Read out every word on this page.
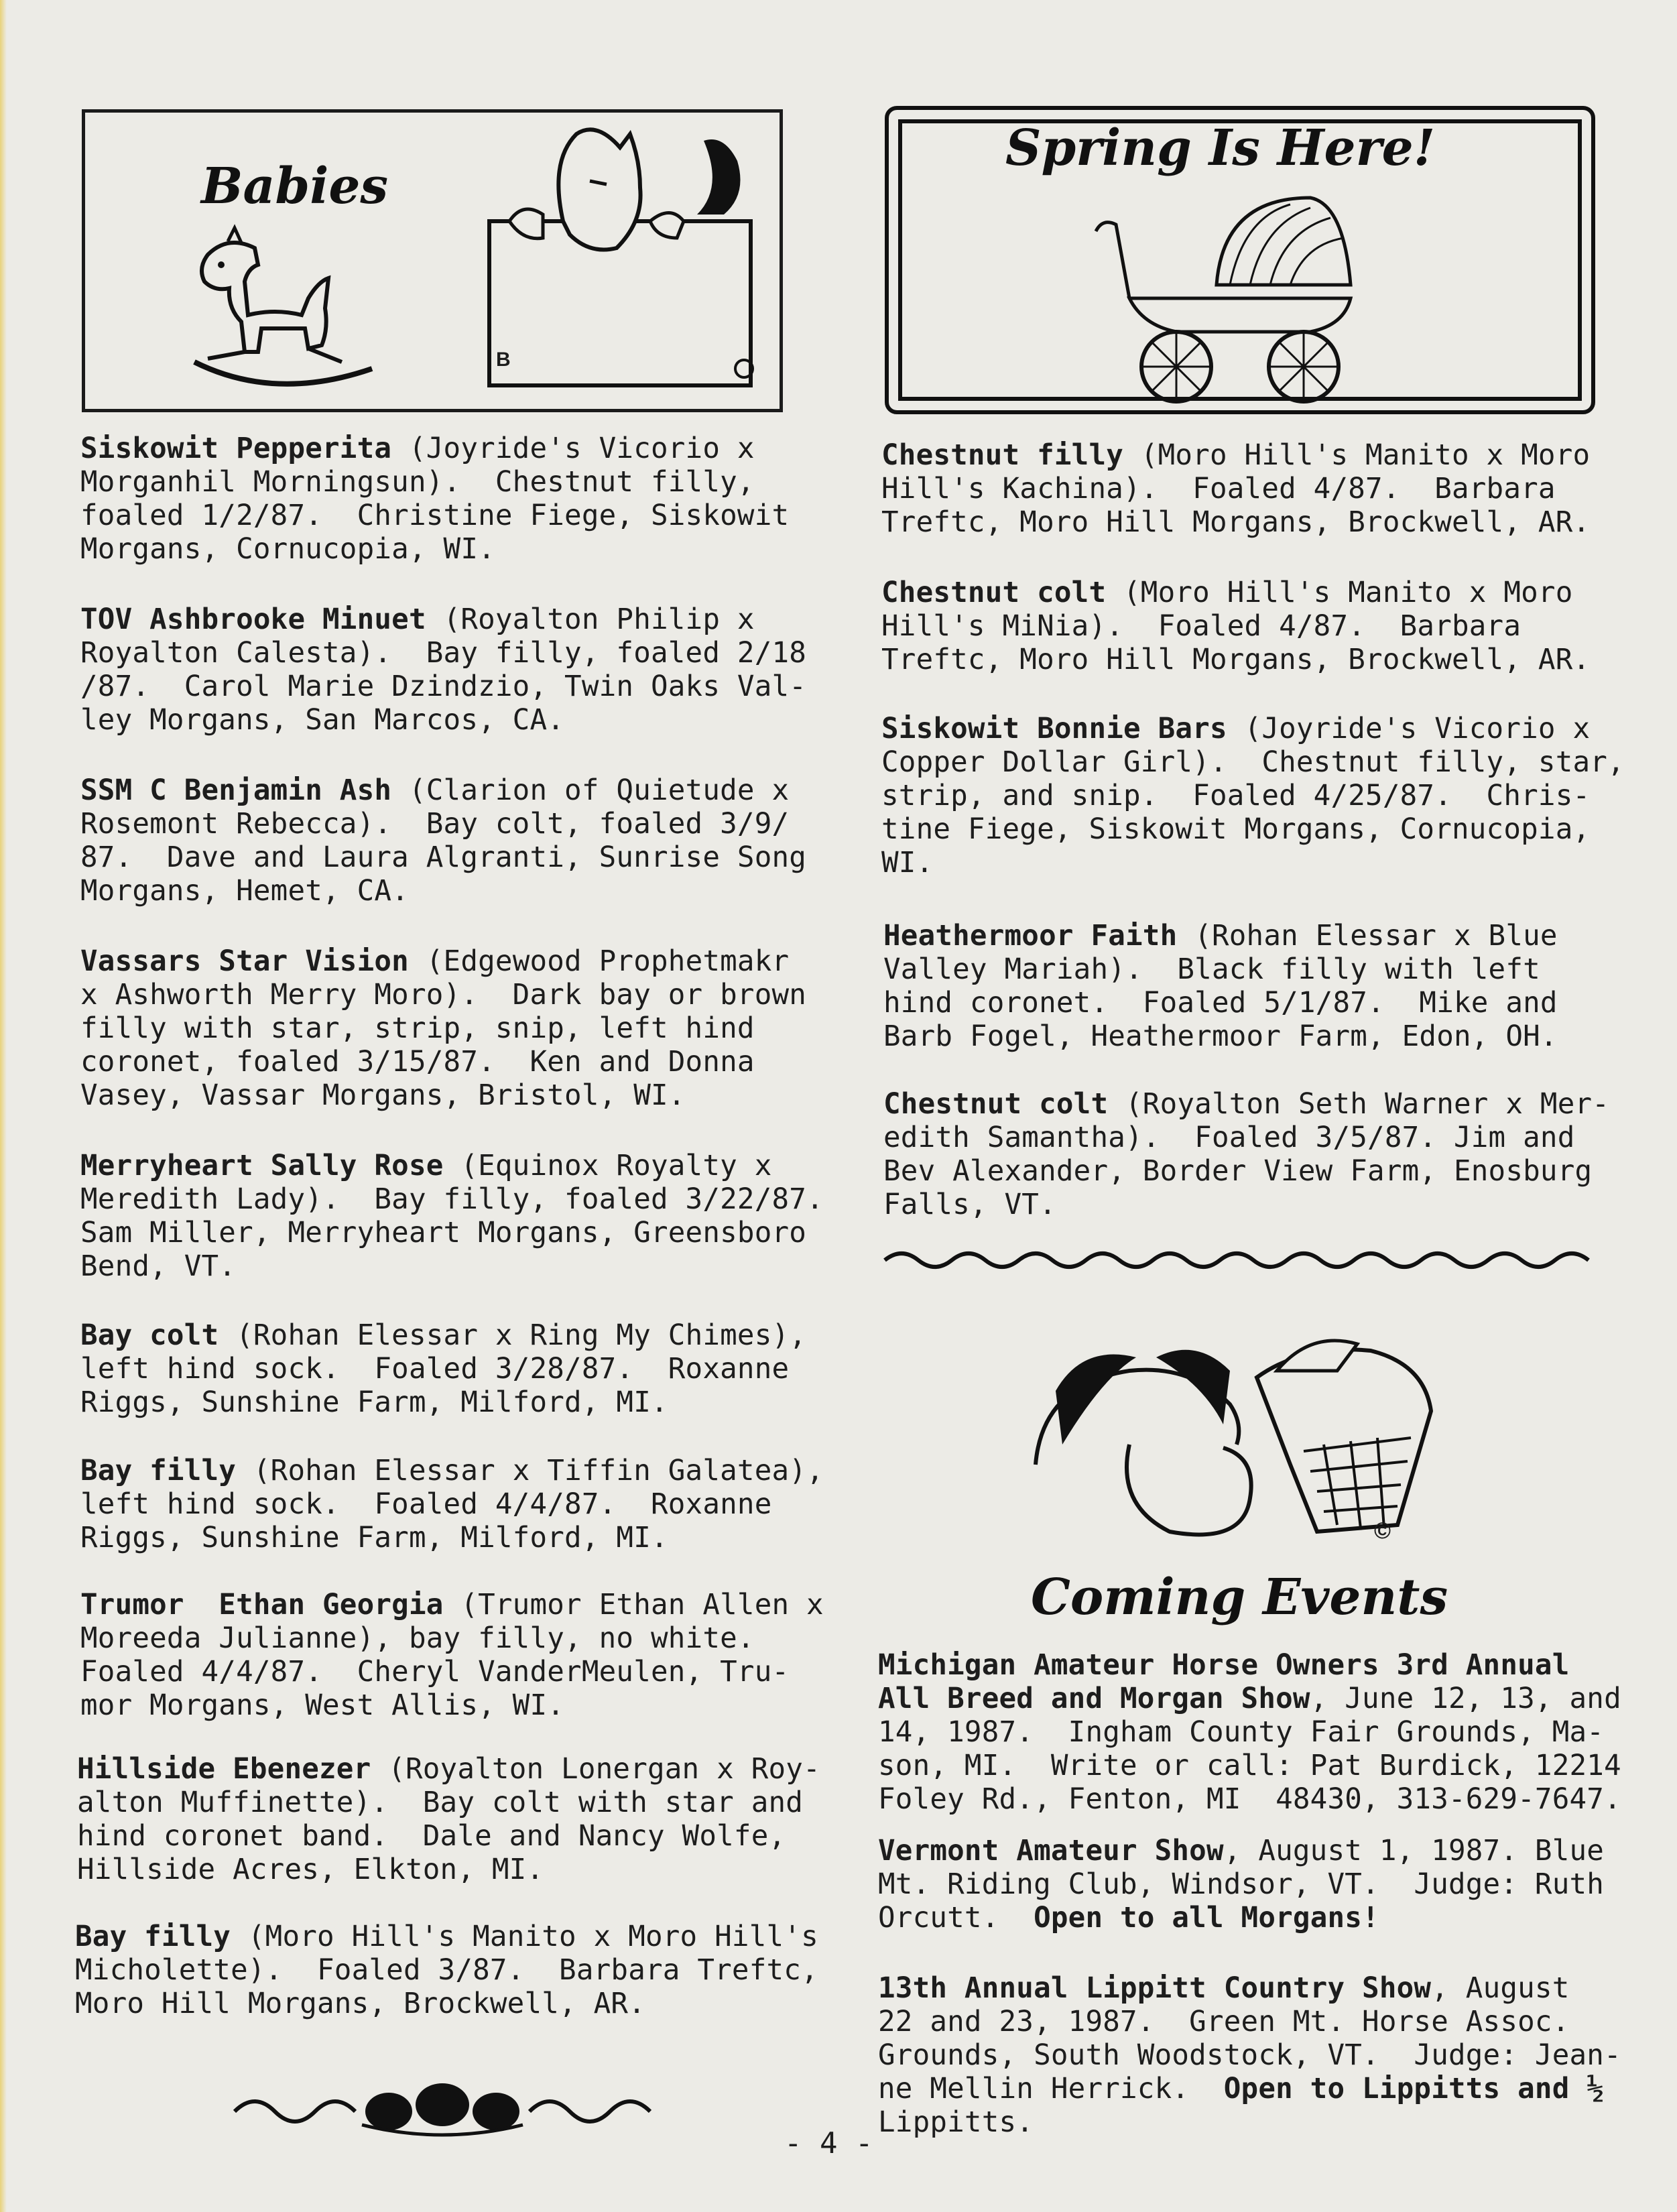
Babies
B
Spring Is Here!
Siskowit Pepperita (Joyride's Vicorio x
Morganhil Morningsun).  Chestnut filly,
foaled 1/2/87.  Christine Fiege, Siskowit
Morgans, Cornucopia, WI.
TOV Ashbrooke Minuet (Royalton Philip x
Royalton Calesta).  Bay filly, foaled 2/18
/87.  Carol Marie Dzindzio, Twin Oaks Val-
ley Morgans, San Marcos, CA.
SSM C Benjamin Ash (Clarion of Quietude x
Rosemont Rebecca).  Bay colt, foaled 3/9/
87.  Dave and Laura Algranti, Sunrise Song
Morgans, Hemet, CA.
Vassars Star Vision (Edgewood Prophetmakr
x Ashworth Merry Moro).  Dark bay or brown
filly with star, strip, snip, left hind
coronet, foaled 3/15/87.  Ken and Donna
Vasey, Vassar Morgans, Bristol, WI.
Merryheart Sally Rose (Equinox Royalty x
Meredith Lady).  Bay filly, foaled 3/22/87.
Sam Miller, Merryheart Morgans, Greensboro
Bend, VT.
Bay colt (Rohan Elessar x Ring My Chimes),
left hind sock.  Foaled 3/28/87.  Roxanne
Riggs, Sunshine Farm, Milford, MI.
Bay filly (Rohan Elessar x Tiffin Galatea),
left hind sock.  Foaled 4/4/87.  Roxanne
Riggs, Sunshine Farm, Milford, MI.
Trumor  Ethan Georgia (Trumor Ethan Allen x
Moreeda Julianne), bay filly, no white.
Foaled 4/4/87.  Cheryl VanderMeulen, Tru-
mor Morgans, West Allis, WI.
Hillside Ebenezer (Royalton Lonergan x Roy-
alton Muffinette).  Bay colt with star and
hind coronet band.  Dale and Nancy Wolfe,
Hillside Acres, Elkton, MI.
Bay filly (Moro Hill's Manito x Moro Hill's
Micholette).  Foaled 3/87.  Barbara Treftc,
Moro Hill Morgans, Brockwell, AR.
Chestnut filly (Moro Hill's Manito x Moro
Hill's Kachina).  Foaled 4/87.  Barbara
Treftc, Moro Hill Morgans, Brockwell, AR.
Chestnut colt (Moro Hill's Manito x Moro
Hill's MiNia).  Foaled 4/87.  Barbara
Treftc, Moro Hill Morgans, Brockwell, AR.
Siskowit Bonnie Bars (Joyride's Vicorio x
Copper Dollar Girl).  Chestnut filly, star,
strip, and snip.  Foaled 4/25/87.  Chris-
tine Fiege, Siskowit Morgans, Cornucopia,
WI.
Heathermoor Faith (Rohan Elessar x Blue
Valley Mariah).  Black filly with left
hind coronet.  Foaled 5/1/87.  Mike and
Barb Fogel, Heathermoor Farm, Edon, OH.
Chestnut colt (Royalton Seth Warner x Mer-
edith Samantha).  Foaled 3/5/87. Jim and
Bev Alexander, Border View Farm, Enosburg
Falls, VT.
©
Coming Events
Michigan Amateur Horse Owners 3rd Annual
All Breed and Morgan Show, June 12, 13, and
14, 1987.  Ingham County Fair Grounds, Ma-
son, MI.  Write or call: Pat Burdick, 12214
Foley Rd., Fenton, MI  48430, 313-629-7647.
Vermont Amateur Show, August 1, 1987. Blue
Mt. Riding Club, Windsor, VT.  Judge: Ruth
Orcutt.  Open to all Morgans!
13th Annual Lippitt Country Show, August
22 and 23, 1987.  Green Mt. Horse Assoc.
Grounds, South Woodstock, VT.  Judge: Jean-
ne Mellin Herrick.  Open to Lippitts and ½
Lippitts.
- 4 -
